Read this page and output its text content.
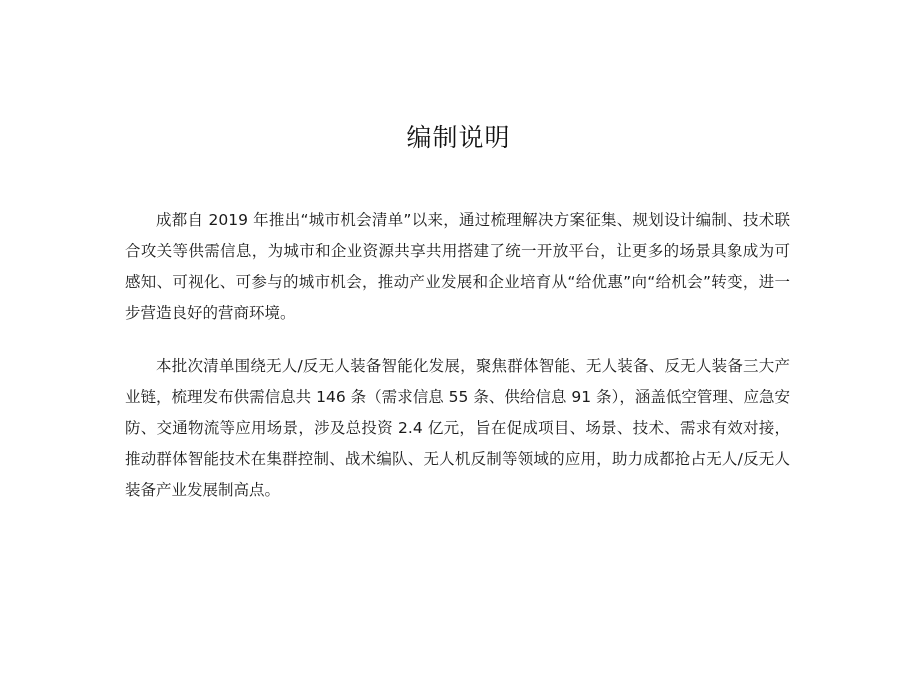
编制说明

成都自 2019 年推出“城市机会清单”以来，通过梳理解决方案征集、规划设计编制、技术联合攻关等供需信息，为城市和企业资源共享共用搭建了统一开放平台，让更多的场景具象成为可感知、可视化、可参与的城市机会，推动产业发展和企业培育从“给优惠”向“给机会”转变，进一步营造良好的营商环境。

本批次清单围绕无人/反无人装备智能化发展，聚焦群体智能、无人装备、反无人装备三大产业链，梳理发布供需信息共 146 条（需求信息 55 条、供给信息 91 条），涵盖低空管理、应急安防、交通物流等应用场景，涉及总投资 2.4 亿元，旨在促成项目、场景、技术、需求有效对接，推动群体智能技术在集群控制、战术编队、无人机反制等领域的应用，助力成都抢占无人/反无人装备产业发展制高点。
